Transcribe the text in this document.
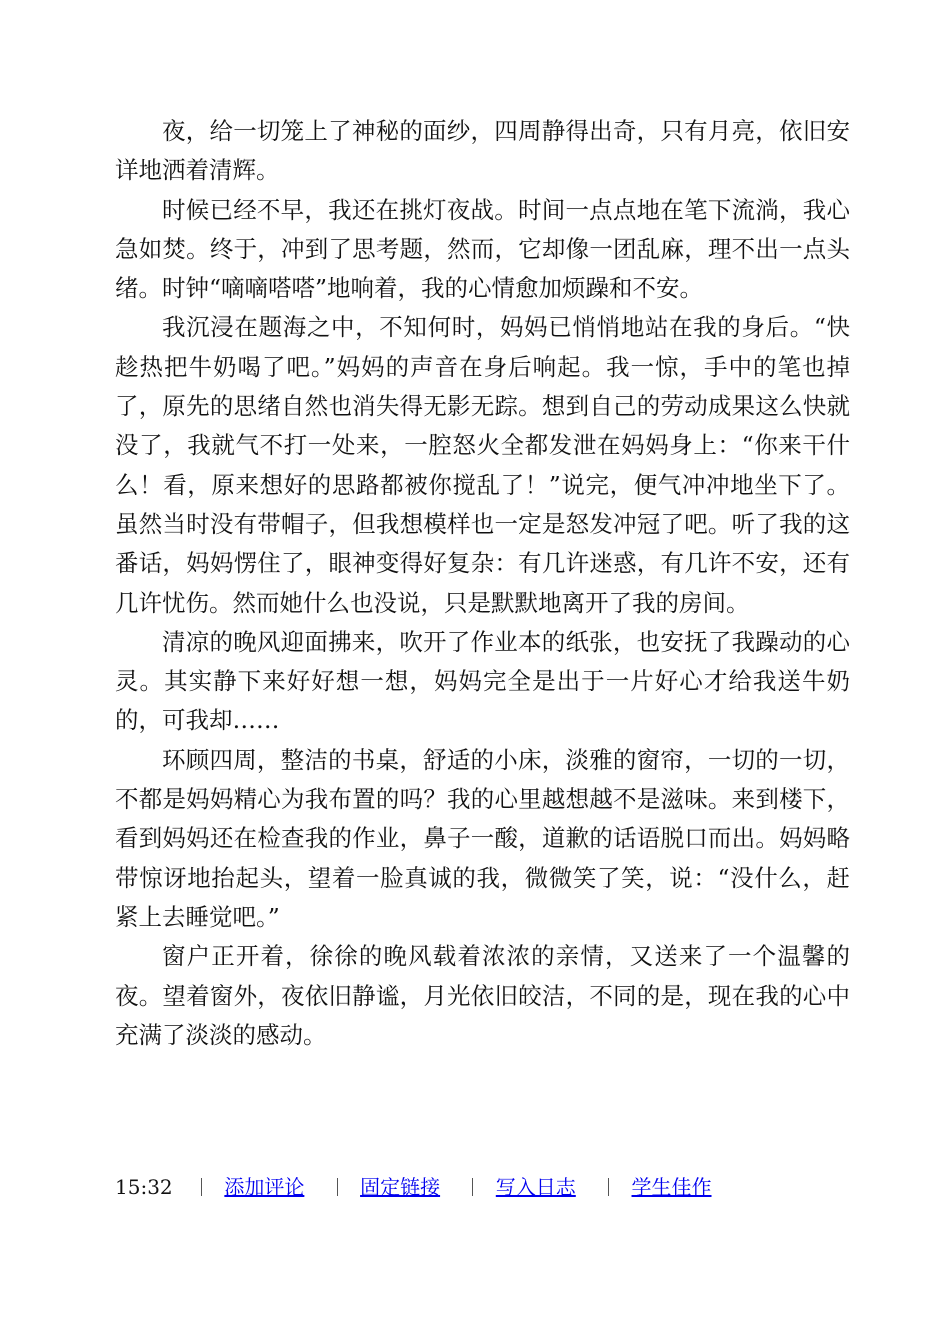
夜，给一切笼上了神秘的面纱，四周静得出奇，只有月亮，依旧安详地洒着清辉。

时候已经不早，我还在挑灯夜战。时间一点点地在笔下流淌，我心急如焚。终于，冲到了思考题，然而，它却像一团乱麻，理不出一点头绪。时钟“嘀嘀嗒嗒”地响着，我的心情愈加烦躁和不安。

我沉浸在题海之中，不知何时，妈妈已悄悄地站在我的身后。“快趁热把牛奶喝了吧。”妈妈的声音在身后响起。我一惊，手中的笔也掉了，原先的思绪自然也消失得无影无踪。想到自己的劳动成果这么快就没了，我就气不打一处来，一腔怒火全都发泄在妈妈身上：“你来干什么！看，原来想好的思路都被你搅乱了！”说完，便气冲冲地坐下了。虽然当时没有带帽子，但我想模样也一定是怒发冲冠了吧。听了我的这番话，妈妈愣住了，眼神变得好复杂：有几许迷惑，有几许不安，还有几许忧伤。然而她什么也没说，只是默默地离开了我的房间。

清凉的晚风迎面拂来，吹开了作业本的纸张，也安抚了我躁动的心灵。其实静下来好好想一想，妈妈完全是出于一片好心才给我送牛奶的，可我却……

环顾四周，整洁的书桌，舒适的小床，淡雅的窗帘，一切的一切，不都是妈妈精心为我布置的吗？我的心里越想越不是滋味。来到楼下，看到妈妈还在检查我的作业，鼻子一酸，道歉的话语脱口而出。妈妈略带惊讶地抬起头，望着一脸真诚的我，微微笑了笑，说：“没什么，赶紧上去睡觉吧。”

窗户正开着，徐徐的晚风载着浓浓的亲情，又送来了一个温馨的夜。望着窗外，夜依旧静谧，月光依旧皎洁，不同的是，现在我的心中充满了淡淡的感动。

15:32	添加评论	固定链接	写入日志	学生佳作
